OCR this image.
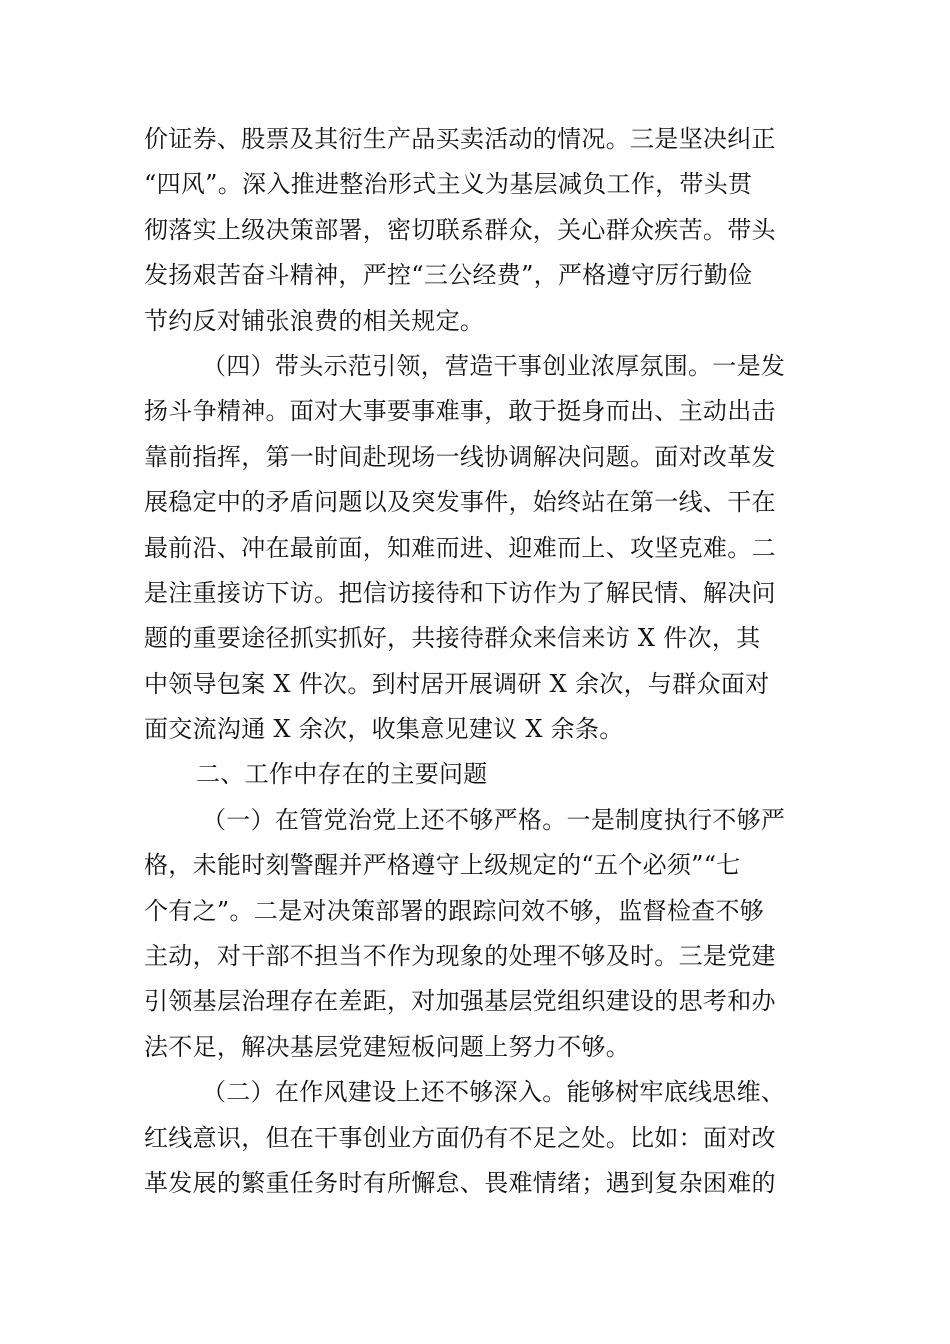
价证券、股票及其衍生产品买卖活动的情况。三是坚决纠正
“四风”。深入推进整治形式主义为基层减负工作，带头贯
彻落实上级决策部署，密切联系群众，关心群众疾苦。带头
发扬艰苦奋斗精神，严控“三公经费”，严格遵守厉行勤俭
节约反对铺张浪费的相关规定。
（四）带头示范引领，营造干事创业浓厚氛围。一是发
扬斗争精神。面对大事要事难事，敢于挺身而出、主动出击
靠前指挥，第一时间赴现场一线协调解决问题。面对改革发
展稳定中的矛盾问题以及突发事件，始终站在第一线、干在
最前沿、冲在最前面，知难而进、迎难而上、攻坚克难。二
是注重接访下访。把信访接待和下访作为了解民情、解决问
题的重要途径抓实抓好，共接待群众来信来访 X 件次，其
中领导包案 X 件次。到村居开展调研 X 余次，与群众面对
面交流沟通 X 余次，收集意见建议 X 余条。
二、工作中存在的主要问题
（一）在管党治党上还不够严格。一是制度执行不够严
格，未能时刻警醒并严格遵守上级规定的“五个必须”“七
个有之”。二是对决策部署的跟踪问效不够，监督检查不够
主动，对干部不担当不作为现象的处理不够及时。三是党建
引领基层治理存在差距，对加强基层党组织建设的思考和办
法不足，解决基层党建短板问题上努力不够。
（二）在作风建设上还不够深入。能够树牢底线思维、
红线意识，但在干事创业方面仍有不足之处。比如：面对改
革发展的繁重任务时有所懈怠、畏难情绪；遇到复杂困难的
